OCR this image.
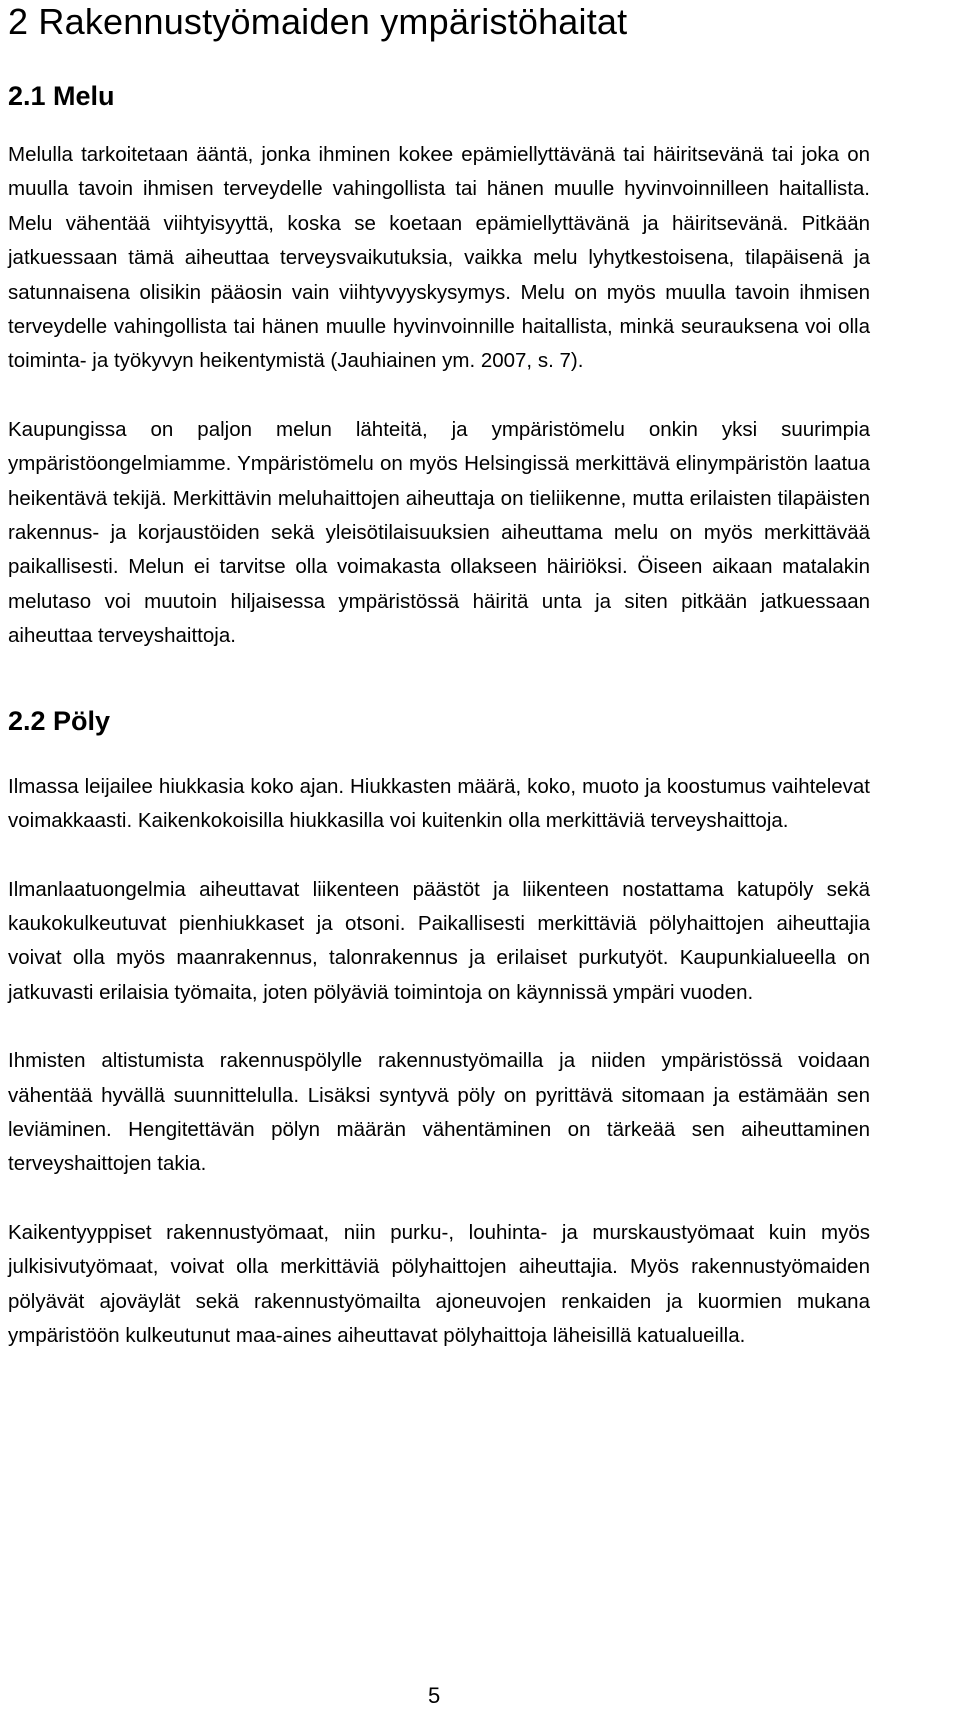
2 Rakennustyömaiden ympäristöhaitat
2.1 Melu

Melulla tarkoitetaan ääntä, jonka ihminen kokee epämiellyttävänä tai häiritsevänä tai joka on muulla tavoin ihmisen terveydelle vahingollista tai hänen muulle hyvinvoinnilleen haitallista. Melu vähentää viihtyisyyttä, koska se koetaan epämiellyttävänä ja häiritsevänä. Pitkään jatkuessaan tämä aiheuttaa terveysvaikutuksia, vaikka melu lyhytkestoisena, tilapäisenä ja satunnaisena olisikin pääosin vain viihtyvyyskysymys. Melu on myös muulla tavoin ihmisen terveydelle vahingollista tai hänen muulle hyvinvoinnille haitallista, minkä seurauksena voi olla toiminta- ja työkyvyn heikentymistä (Jauhiainen ym. 2007, s. 7).

Kaupungissa on paljon melun lähteitä, ja ympäristömelu onkin yksi suurimpia ympäristöongelmiamme. Ympäristömelu on myös Helsingissä merkittävä elinympäristön laatua heikentävä tekijä. Merkittävin meluhaittojen aiheuttaja on tieliikenne, mutta erilaisten tilapäisten rakennus- ja korjaustöiden sekä yleisötilaisuuksien aiheuttama melu on myös merkittävää paikallisesti. Melun ei tarvitse olla voimakasta ollakseen häiriöksi. Öiseen aikaan matalakin melutaso voi muutoin hiljaisessa ympäristössä häiritä unta ja siten pitkään jatkuessaan aiheuttaa terveyshaittoja.

2.2 Pöly

Ilmassa leijailee hiukkasia koko ajan. Hiukkasten määrä, koko, muoto ja koostumus vaihtelevat voimakkaasti. Kaikenkokoisilla hiukkasilla voi kuitenkin olla merkittäviä terveyshaittoja.

Ilmanlaatuongelmia aiheuttavat liikenteen päästöt ja liikenteen nostattama katupöly sekä kaukokulkeutuvat pienhiukkaset ja otsoni. Paikallisesti merkittäviä pölyhaittojen aiheuttajia voivat olla myös maanrakennus, talonrakennus ja erilaiset purkutyöt. Kaupunkialueella on jatkuvasti erilaisia työmaita, joten pölyäviä toimintoja on käynnissä ympäri vuoden.

Ihmisten altistumista rakennuspölylle rakennustyömailla ja niiden ympäristössä voidaan vähentää hyvällä suunnittelulla. Lisäksi syntyvä pöly on pyrittävä sitomaan ja estämään sen leviäminen. Hengitettävän pölyn määrän vähentäminen on tärkeää sen aiheuttaminen terveyshaittojen takia.

Kaikentyyppiset rakennustyömaat, niin purku-, louhinta- ja murskaustyömaat kuin myös julkisivutyömaat, voivat olla merkittäviä pölyhaittojen aiheuttajia. Myös rakennustyömaiden pölyävät ajoväylät sekä rakennustyömailta ajoneuvojen renkaiden ja kuormien mukana ympäristöön kulkeutunut maa-aines aiheuttavat pölyhaittoja läheisillä katualueilla.

5
